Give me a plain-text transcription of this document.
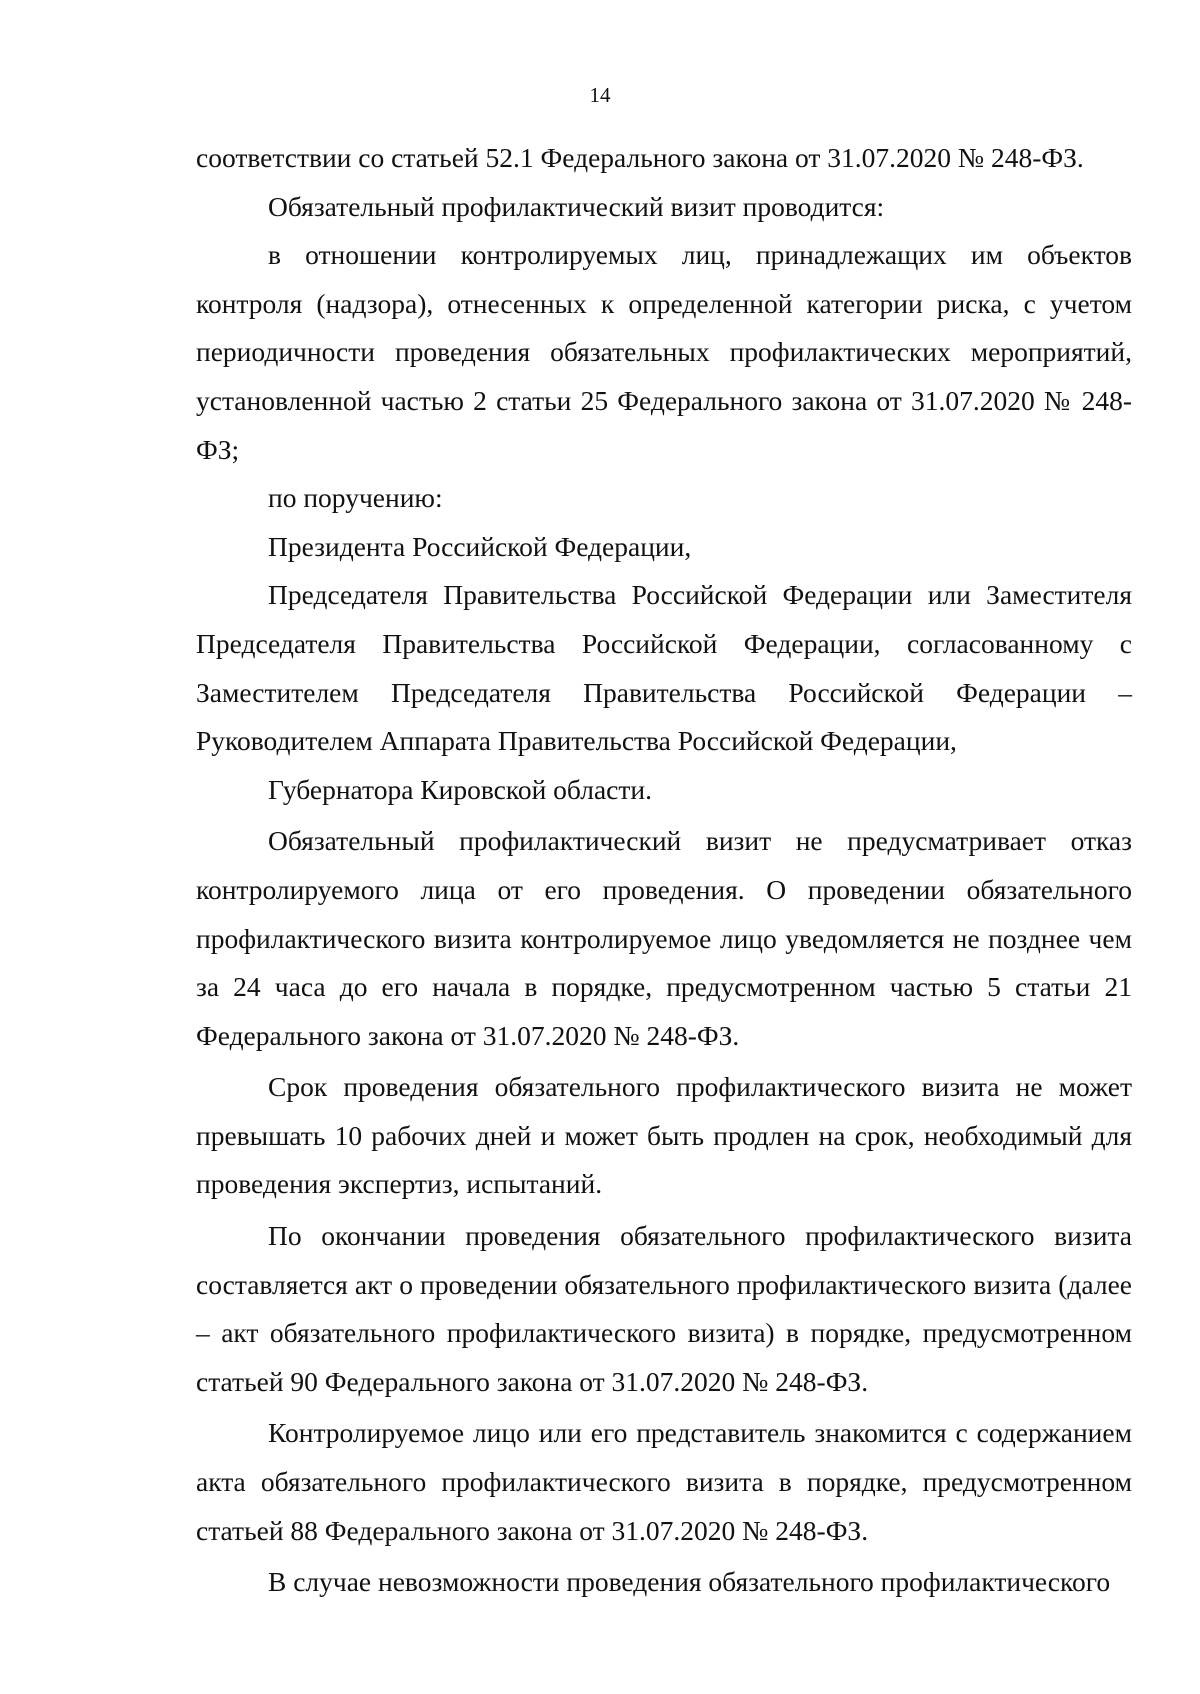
14

соответствии со статьей 52.1 Федерального закона от 31.07.2020 № 248-ФЗ.

Обязательный профилактический визит проводится:

в отношении контролируемых лиц, принадлежащих им объектов контроля (надзора), отнесенных к определенной категории риска, с учетом периодичности проведения обязательных профилактических мероприятий, установленной частью 2 статьи 25 Федерального закона от 31.07.2020 № 248-ФЗ;

по поручению:

Президента Российской Федерации,

Председателя Правительства Российской Федерации или Заместителя Председателя Правительства Российской Федерации, согласованному с Заместителем Председателя Правительства Российской Федерации – Руководителем Аппарата Правительства Российской Федерации,

Губернатора Кировской области.

Обязательный профилактический визит не предусматривает отказ контролируемого лица от его проведения. О проведении обязательного профилактического визита контролируемое лицо уведомляется не позднее чем за 24 часа до его начала в порядке, предусмотренном частью 5 статьи 21 Федерального закона от 31.07.2020 № 248-ФЗ.

Срок проведения обязательного профилактического визита не может превышать 10 рабочих дней и может быть продлен на срок, необходимый для проведения экспертиз, испытаний.

По окончании проведения обязательного профилактического визита составляется акт о проведении обязательного профилактического визита (далее – акт обязательного профилактического визита) в порядке, предусмотренном статьей 90 Федерального закона от 31.07.2020 № 248-ФЗ.

Контролируемое лицо или его представитель знакомится с содержанием акта обязательного профилактического визита в порядке, предусмотренном статьей 88 Федерального закона от 31.07.2020 № 248-ФЗ.

В случае невозможности проведения обязательного профилактического
